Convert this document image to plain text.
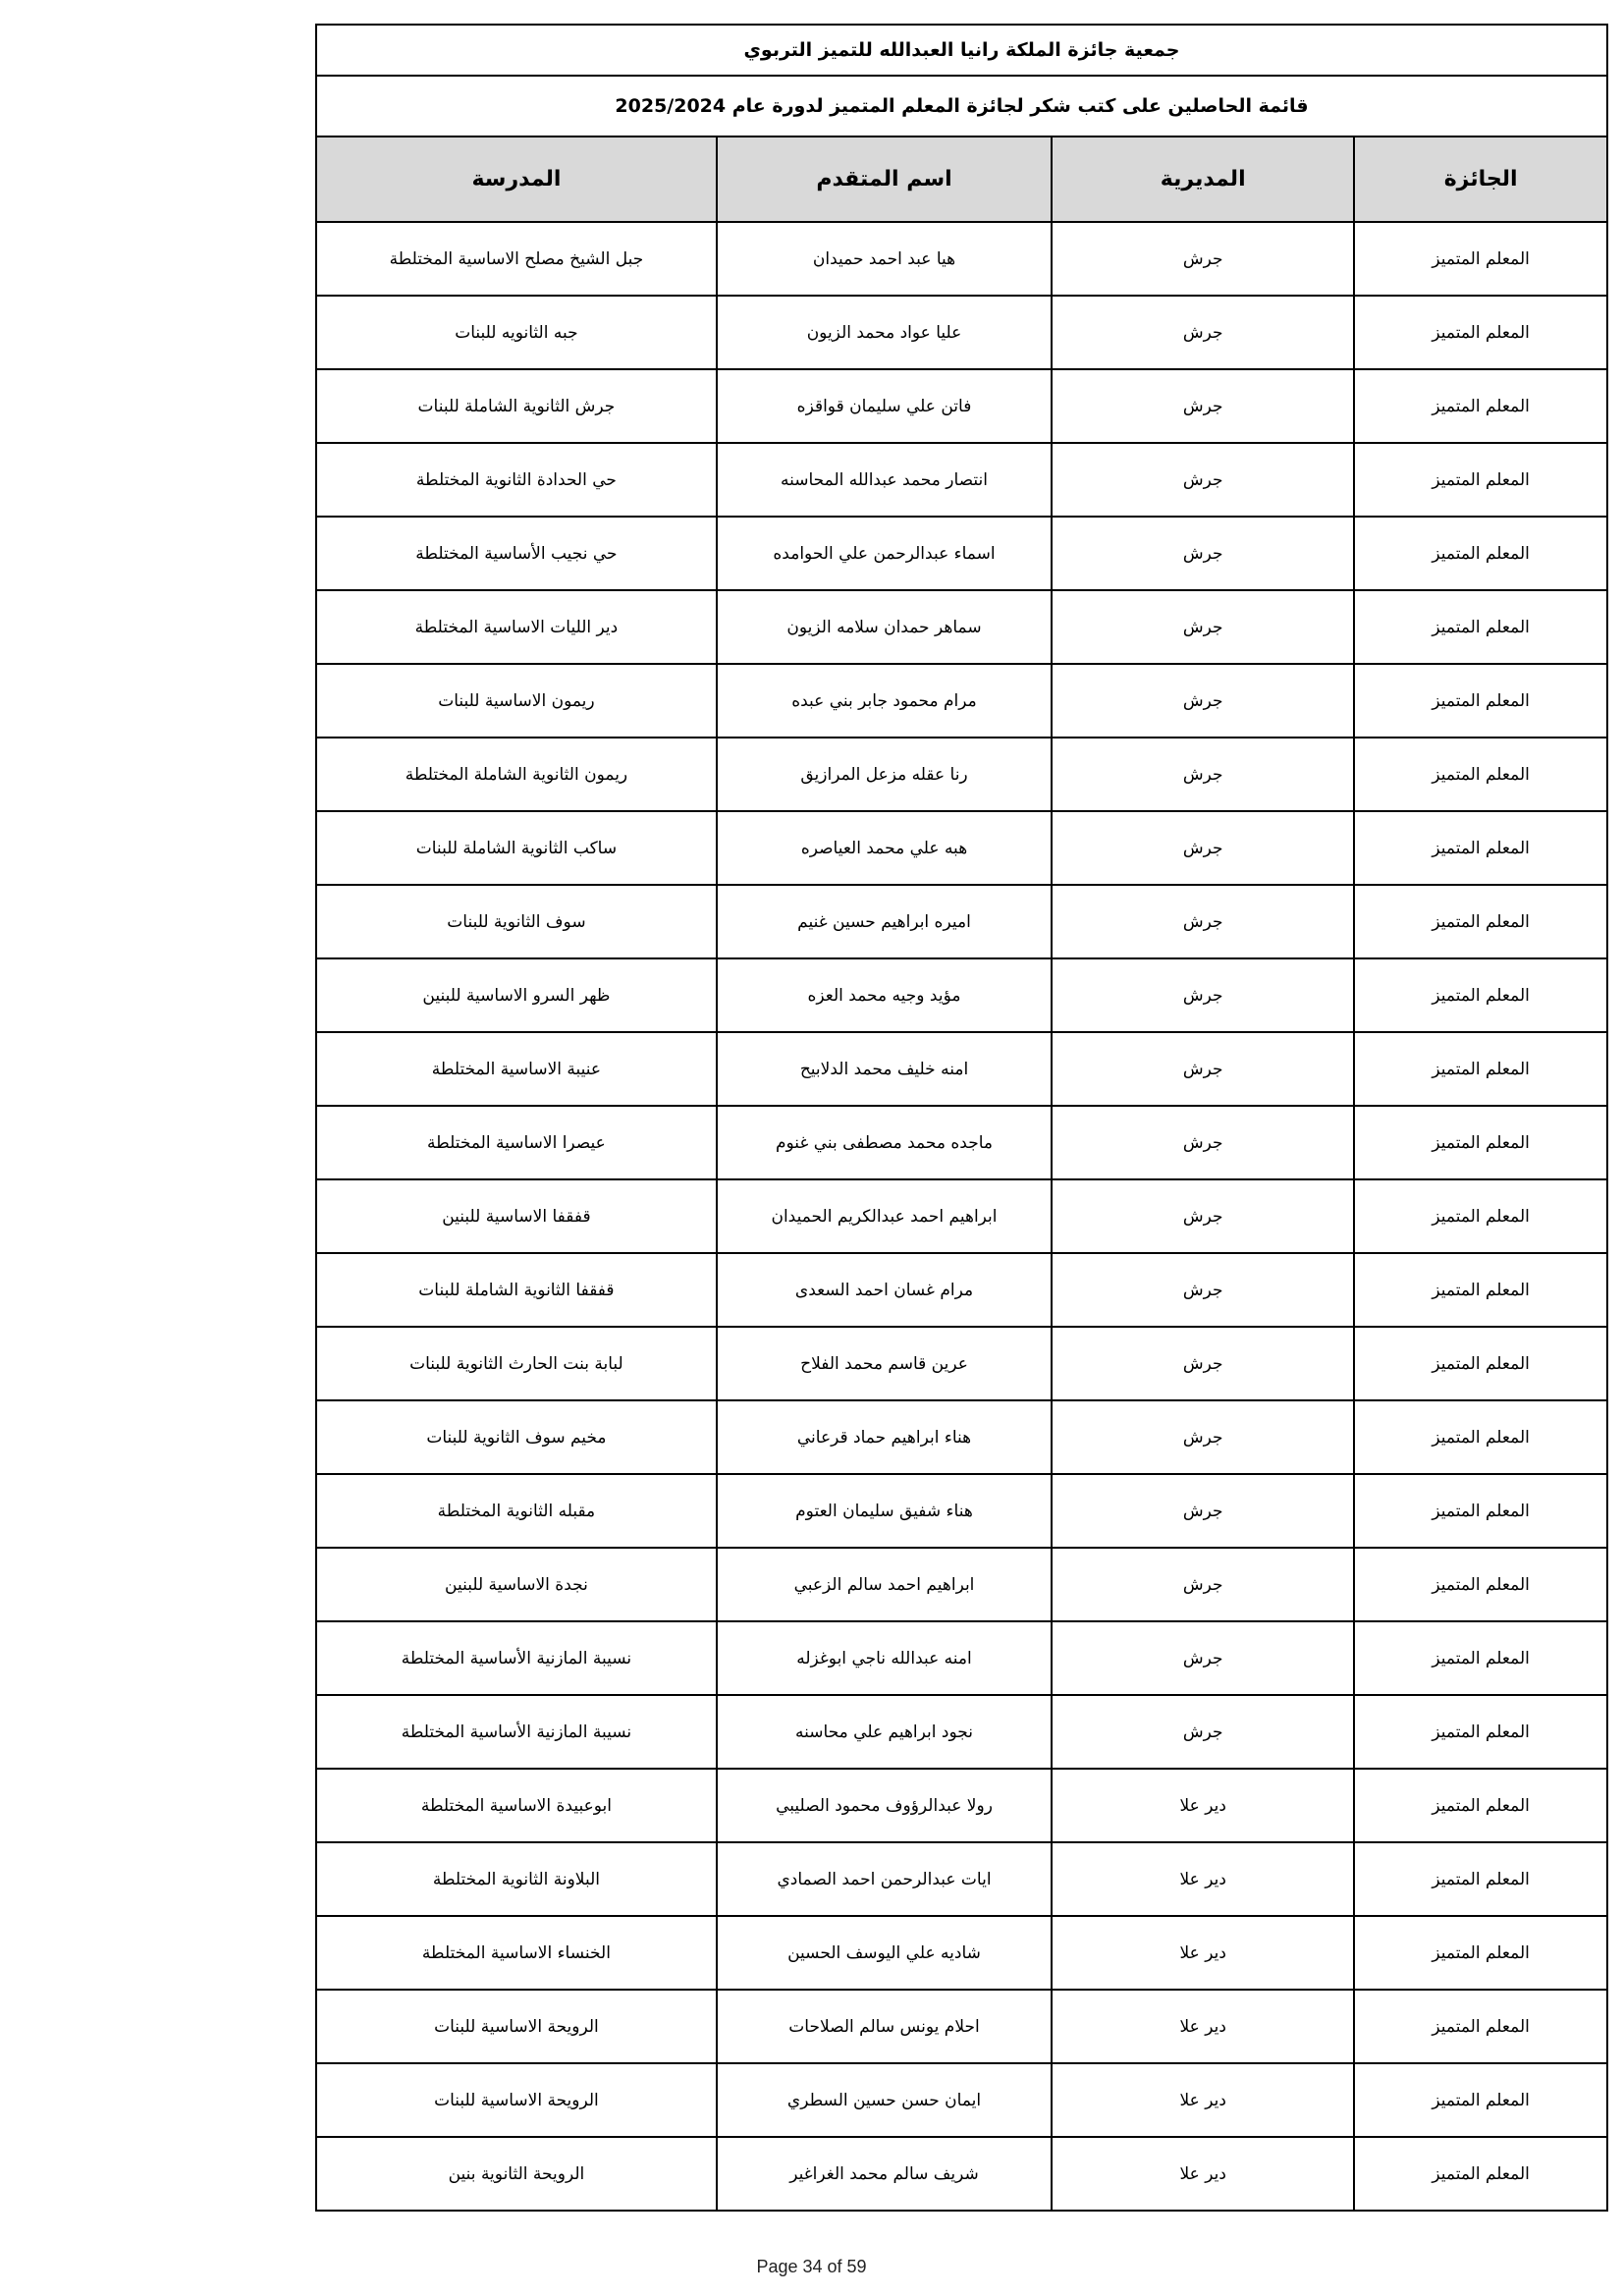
جمعية جائزة الملكة رانيا العبدالله للتميز التربوي			
قائمة الحاصلين على كتب شكر لجائزة المعلم المتميز لدورة عام 2025/2024			
الجائزة	المديرية	اسم المتقدم	المدرسة
المعلم المتميز	جرش	هيا عبد احمد حميدان	جبل الشيخ مصلح الاساسية المختلطة
المعلم المتميز	جرش	عليا عواد محمد الزيون	جبه الثانويه للبنات
المعلم المتميز	جرش	فاتن علي سليمان قواقزه	جرش الثانوية الشاملة للبنات
المعلم المتميز	جرش	انتصار محمد عبدالله المحاسنه	حي الحدادة الثانوية المختلطة
المعلم المتميز	جرش	اسماء عبدالرحمن علي الحوامده	حي نجيب الأساسية المختلطة
المعلم المتميز	جرش	سماهر حمدان سلامه الزيون	دير الليات الاساسية المختلطة
المعلم المتميز	جرش	مرام محمود جابر بني عبده	ريمون الاساسية للبنات
المعلم المتميز	جرش	رنا عقله مزعل المرازيق	ريمون الثانوية الشاملة المختلطة
المعلم المتميز	جرش	هبه علي محمد العياصره	ساكب الثانوية الشاملة للبنات
المعلم المتميز	جرش	اميره ابراهيم حسين غنيم	سوف الثانوية للبنات
المعلم المتميز	جرش	مؤيد وجيه محمد العزه	ظهر السرو الاساسية للبنين
المعلم المتميز	جرش	امنه خليف محمد الدلابيح	عنيبة الاساسية المختلطة
المعلم المتميز	جرش	ماجده محمد مصطفى بني غنوم	عيصرا الاساسية المختلطة
المعلم المتميز	جرش	ابراهيم احمد عبدالكريم الحميدان	قفقفا الاساسية للبنين
المعلم المتميز	جرش	مرام غسان احمد السعدى	قفقفا الثانوية الشاملة للبنات
المعلم المتميز	جرش	عرين قاسم محمد الفلاح	لبابة بنت الحارث الثانوية للبنات
المعلم المتميز	جرش	هناء ابراهيم حماد قرعاني	مخيم سوف الثانوية للبنات
المعلم المتميز	جرش	هناء شفيق سليمان العتوم	مقبله الثانوية المختلطة
المعلم المتميز	جرش	ابراهيم احمد سالم الزعبي	نجدة الاساسية للبنين
المعلم المتميز	جرش	امنه عبدالله ناجي ابوغزله	نسيبة المازنية الأساسية المختلطة
المعلم المتميز	جرش	نجود ابراهيم علي محاسنه	نسيبة المازنية الأساسية المختلطة
المعلم المتميز	دير علا	رولا عبدالرؤوف محمود الصليبي	ابوعبيدة الاساسية المختلطة
المعلم المتميز	دير علا	ايات عبدالرحمن احمد الصمادي	البلاونة الثانوية المختلطة
المعلم المتميز	دير علا	شاديه علي اليوسف الحسين	الخنساء الاساسية المختلطة
المعلم المتميز	دير علا	احلام يونس سالم الصلاحات	الرويحة الاساسية للبنات
المعلم المتميز	دير علا	ايمان حسن حسين السطري	الرويحة الاساسية للبنات
المعلم المتميز	دير علا	شريف سالم محمد الغراغير	الرويحة الثانوية بنين
Page 34 of 59
